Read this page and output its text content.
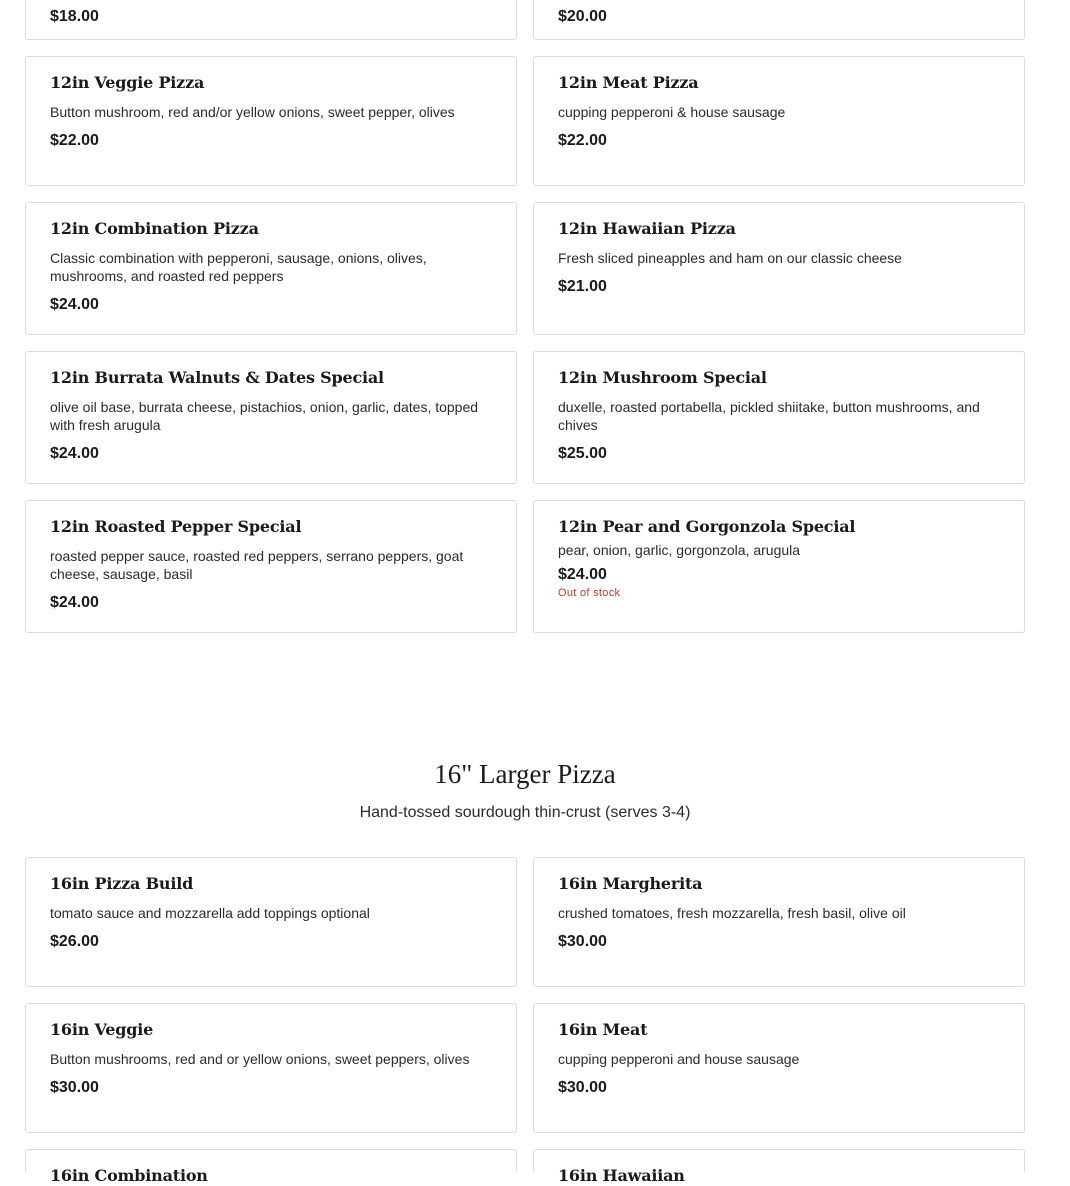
$18.00	$20.00
12in Veggie Pizza
Button mushroom, red and/or yellow onions, sweet pepper, olives
$22.00
12in Meat Pizza
cupping pepperoni & house sausage
$22.00
12in Combination Pizza
Classic combination with pepperoni, sausage, onions, olives, mushrooms, and roasted red peppers
$24.00
12in Hawaiian Pizza
Fresh sliced pineapples and ham on our classic cheese
$21.00
12in Burrata Walnuts & Dates Special
olive oil base, burrata cheese, pistachios, onion, garlic, dates, topped with fresh arugula
$24.00
12in Mushroom Special
duxelle, roasted portabella, pickled shiitake, button mushrooms, and chives
$25.00
12in Roasted Pepper Special
roasted pepper sauce, roasted red peppers, serrano peppers, goat cheese, sausage, basil
$24.00
12in Pear and Gorgonzola Special
pear, onion, garlic, gorgonzola, arugula
$24.00
Out of stock
16" Larger Pizza

Hand-tossed sourdough thin-crust (serves 3-4)

16in Pizza Build
tomato sauce and mozzarella add toppings optional
$26.00
16in Margherita
crushed tomatoes, fresh mozzarella, fresh basil, olive oil
$30.00
16in Veggie
Button mushrooms, red and or yellow onions, sweet peppers, olives
$30.00
16in Meat
cupping pepperoni and house sausage
$30.00
16in Combination	16in Hawaiian
